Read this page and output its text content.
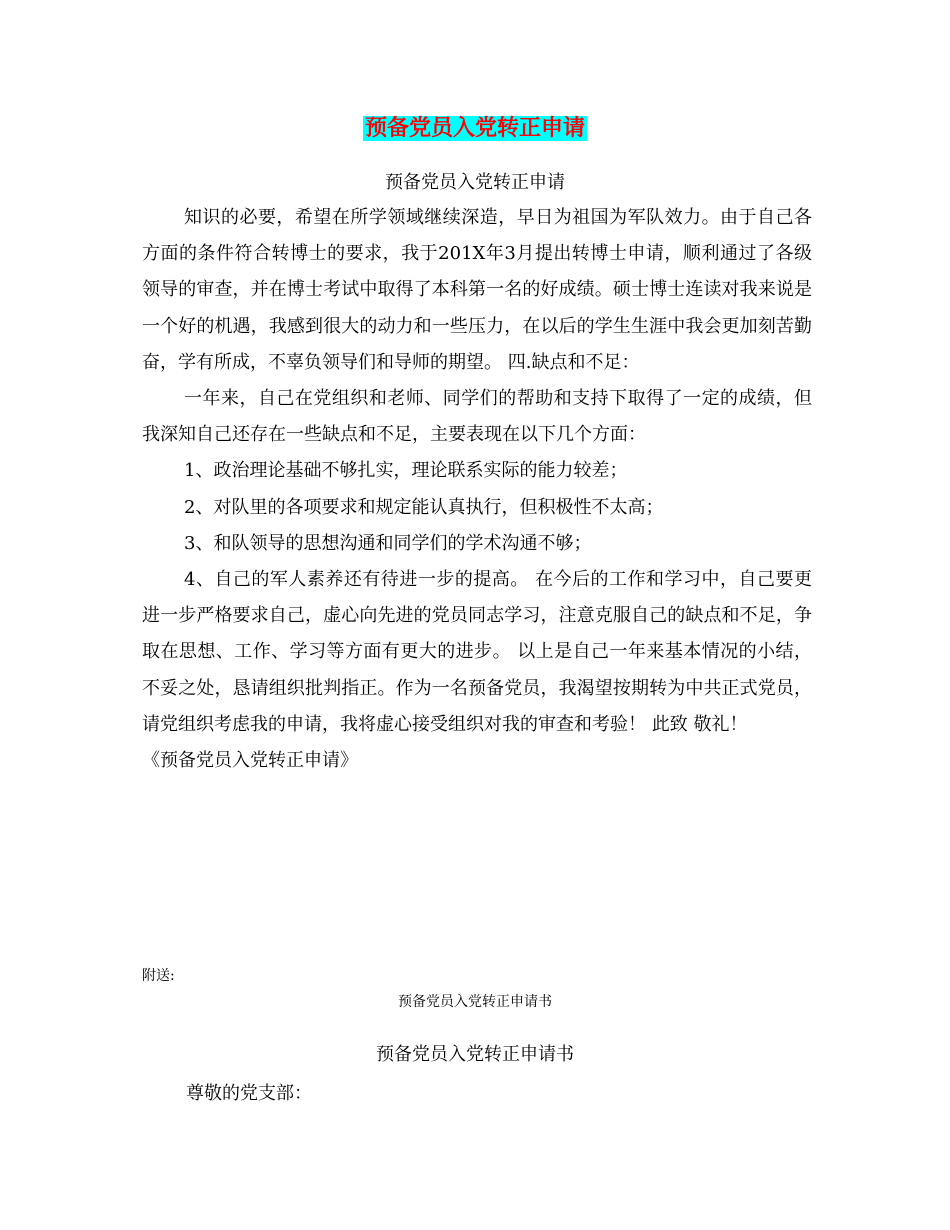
预备党员入党转正申请
预备党员入党转正申请

知识的必要，希望在所学领域继续深造，早日为祖国为军队效力。由于自己各方面的条件符合转博士的要求，我于201X年3月提出转博士申请，顺利通过了各级领导的审查，并在博士考试中取得了本科第一名的好成绩。硕士博士连读对我来说是一个好的机遇，我感到很大的动力和一些压力，在以后的学生生涯中我会更加刻苦勤奋，学有所成，不辜负领导们和导师的期望。 四.缺点和不足：

一年来，自己在党组织和老师、同学们的帮助和支持下取得了一定的成绩，但我深知自己还存在一些缺点和不足，主要表现在以下几个方面：

1、政治理论基础不够扎实，理论联系实际的能力较差；

2、对队里的各项要求和规定能认真执行，但积极性不太高；

3、和队领导的思想沟通和同学们的学术沟通不够；

4、自己的军人素养还有待进一步的提高。 在今后的工作和学习中，自己要更进一步严格要求自己，虚心向先进的党员同志学习，注意克服自己的缺点和不足，争取在思想、工作、学习等方面有更大的进步。 以上是自己一年来基本情况的小结，不妥之处，恳请组织批判指正。作为一名预备党员，我渴望按期转为中共正式党员，请党组织考虑我的申请，我将虚心接受组织对我的审查和考验！ 此致 敬礼！

《预备党员入党转正申请》

附送:
预备党员入党转正申请书
预备党员入党转正申请书
尊敬的党支部：
